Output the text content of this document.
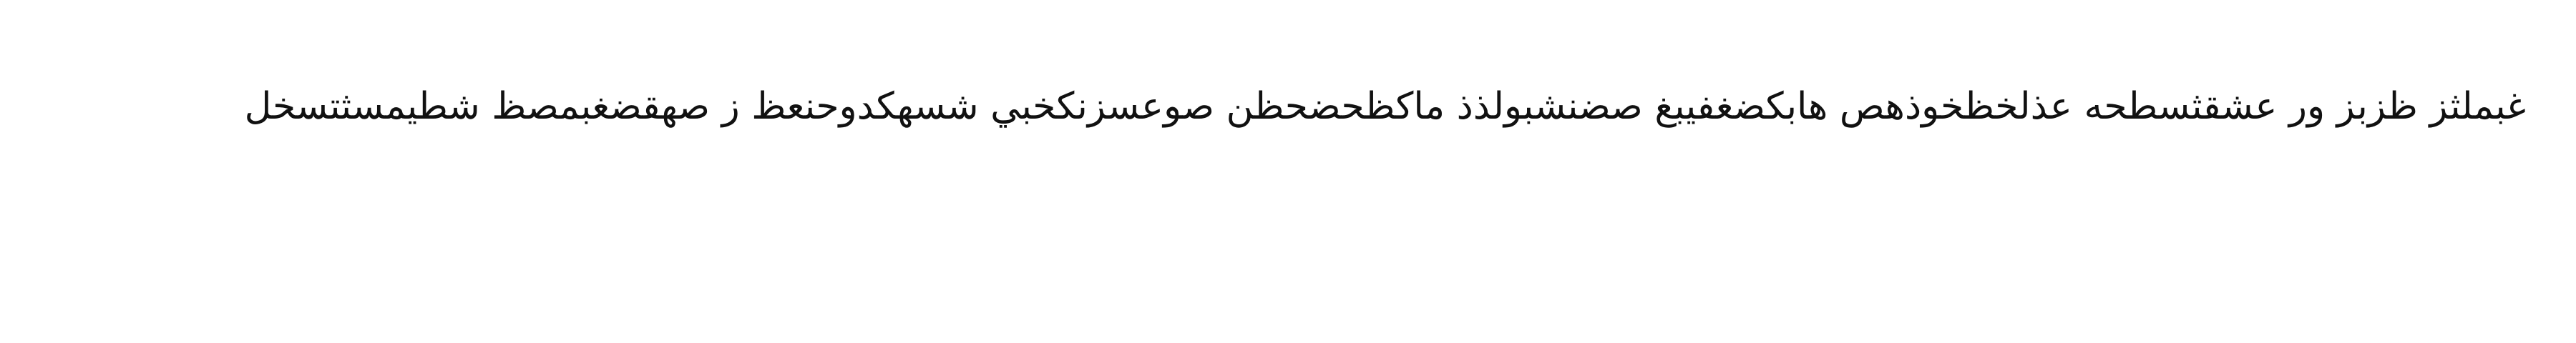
غبملثز ظزبز ور عشقثسطحه عذلخظخوذهص هابكضغفيبغ صضنشبولذذ ماكظحضحظن صوعسزنكخبي شسهكدوحنعظ ز صهقضغبمصظ شطيمسثتسخل
